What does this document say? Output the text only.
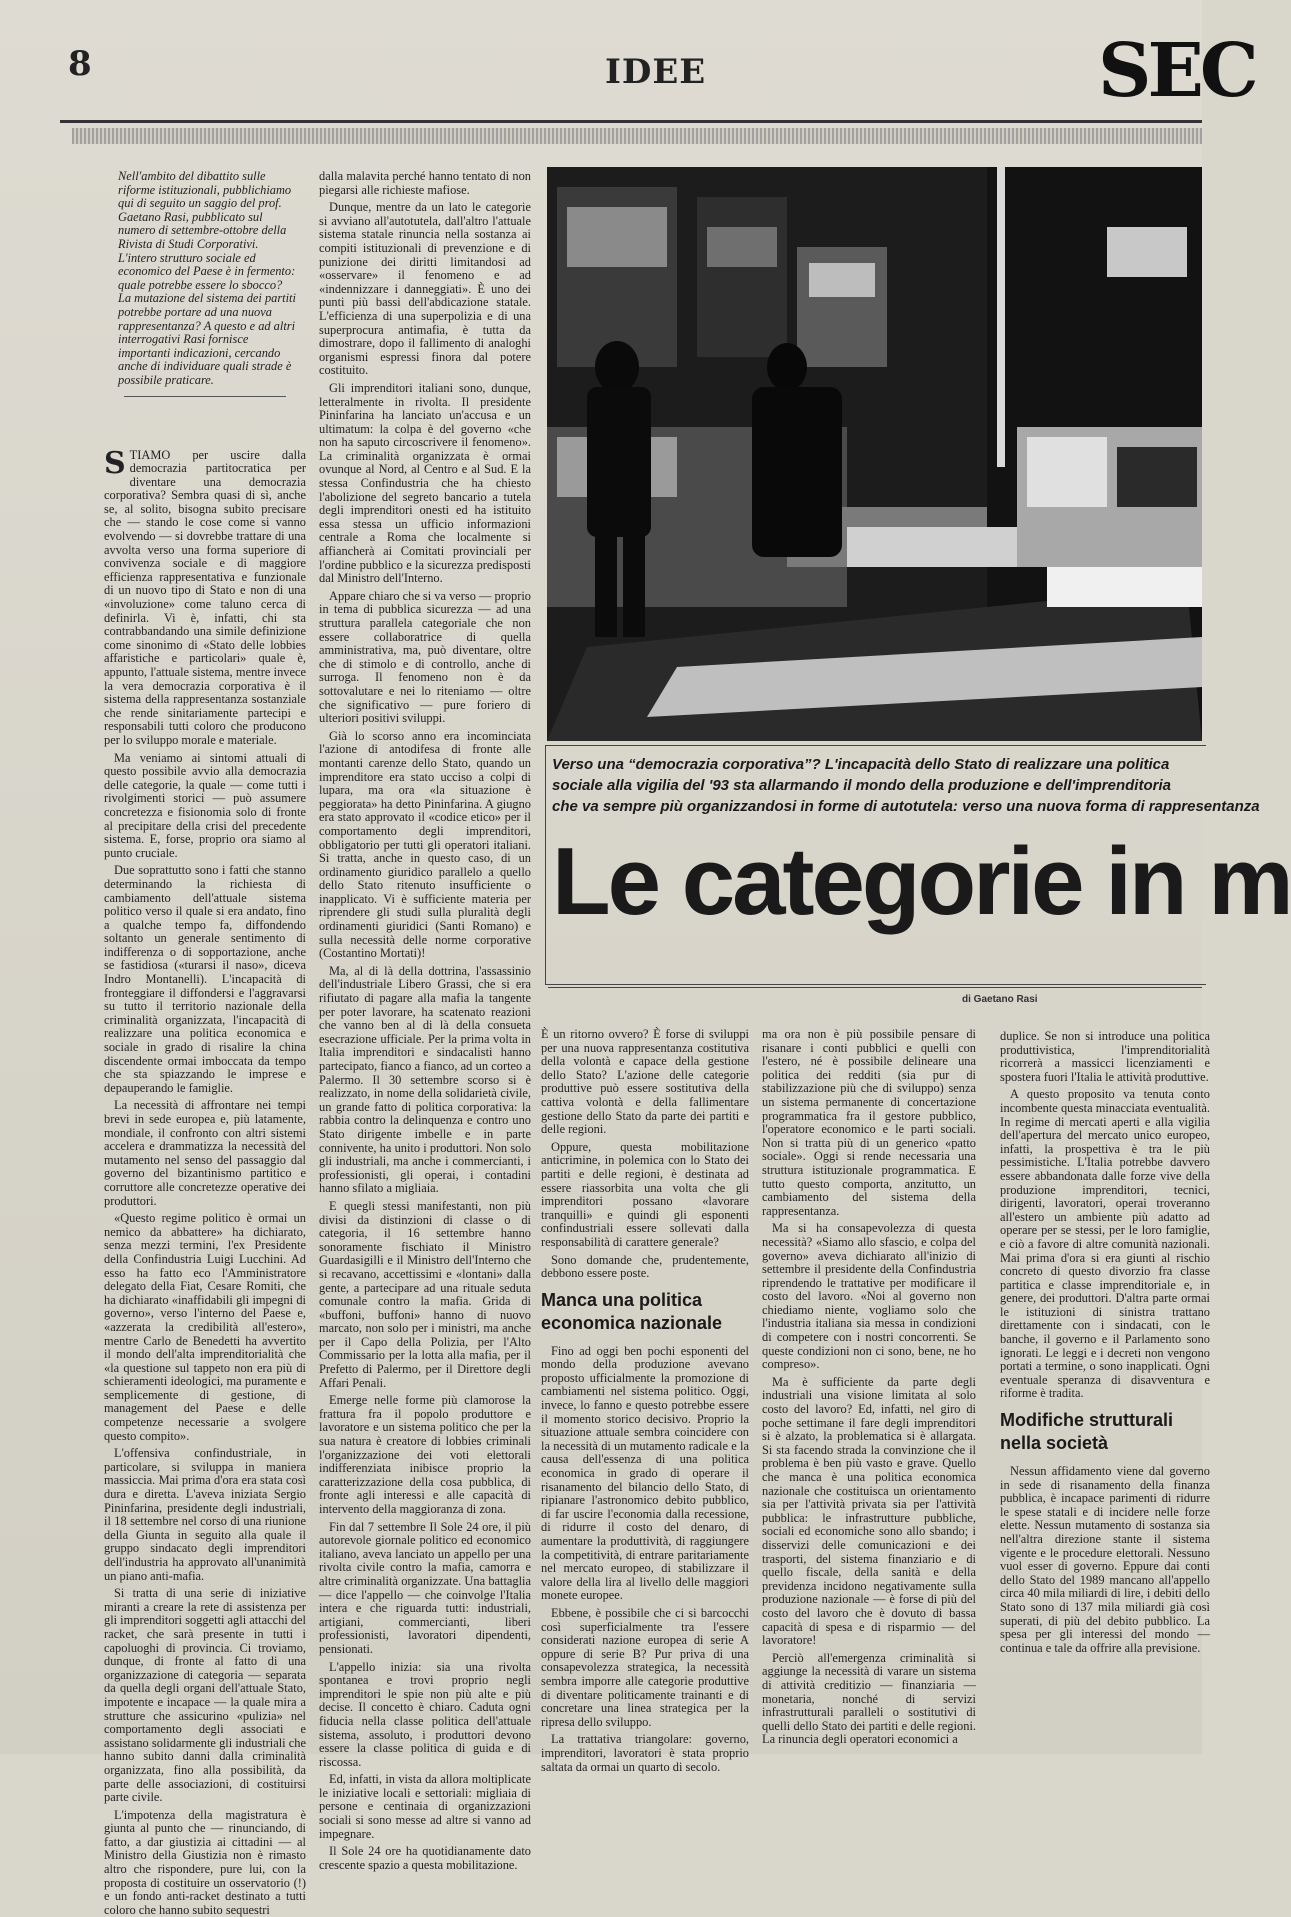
8	IDEE	SEC

Nell'ambito del dibattito sulle riforme istituzionali, pubblichiamo qui di seguito un saggio del prof. Gaetano Rasi, pubblicato sul numero di settembre-ottobre della Rivista di Studi Corporativi. L'intero strutturo sociale ed economico del Paese è in fermento: quale potrebbe essere lo sbocco? La mutazione del sistema dei partiti potrebbe portare ad una nuova rappresentanza? A questo e ad altri interrogativi Rasi fornisce importanti indicazioni, cercando anche di individuare quali strade è possibile praticare.

STIAMO per uscire dalla democrazia partitocratica per diventare una democrazia corporativa? Sembra quasi di sì, anche se, al solito, bisogna subito precisare che — stando le cose come si vanno evolvendo — si dovrebbe trattare di una avvolta verso una forma superiore di convivenza sociale e di maggiore efficienza rappresentativa e funzionale di un nuovo tipo di Stato e non di una «involuzione» come taluno cerca di definirla. Vi è, infatti, chi sta contrabbandando una simile definizione come sinonimo di «Stato delle lobbies affaristiche e particolari» quale è, appunto, l'attuale sistema, mentre invece la vera democrazia corporativa è il sistema della rappresentanza sostanziale che rende sinitariamente partecipi e responsabili tutti coloro che producono per lo sviluppo morale e materiale.

Ma veniamo ai sintomi attuali di questo possibile avvio alla democrazia delle categorie, la quale — come tutti i rivolgimenti storici — può assumere concretezza e fisionomia solo di fronte al precipitare della crisi del precedente sistema. E, forse, proprio ora siamo al punto cruciale.

Due soprattutto sono i fatti che stanno determinando la richiesta di cambiamento dell'attuale sistema politico verso il quale si era andato, fino a qualche tempo fa, diffondendo soltanto un generale sentimento di indifferenza o di sopportazione, anche se fastidiosa («turarsi il naso», diceva Indro Montanelli). L'incapacità di fronteggiare il diffondersi e l'aggravarsi su tutto il territorio nazionale della criminalità organizzata, l'incapacità di realizzare una politica economica e sociale in grado di risalire la china discendente ormai imboccata da tempo che sta spiazzando le imprese e depauperando le famiglie.

La necessità di affrontare nei tempi brevi in sede europea e, più latamente, mondiale, il confronto con altri sistemi accelera e drammatizza la necessità del mutamento nel senso del passaggio dal governo del bizantinismo partitico e corruttore alle concretezze operative dei produttori.

«Questo regime politico è ormai un nemico da abbattere» ha dichiarato, senza mezzi termini, l'ex Presidente della Confindustria Luigi Lucchini. Ad esso ha fatto eco l'Amministratore delegato della Fiat, Cesare Romiti, che ha dichiarato «inaffidabili gli impegni di governo», verso l'interno del Paese e, «azzerata la credibilità all'estero», mentre Carlo de Benedetti ha avvertito il mondo dell'alta imprenditorialità che «la questione sul tappeto non era più di schieramenti ideologici, ma puramente e semplicemente di gestione, di management del Paese e delle competenze necessarie a svolgere questo compito».

L'offensiva confindustriale, in particolare, si sviluppa in maniera massiccia. Mai prima d'ora era stata così dura e diretta. L'aveva iniziata Sergio Pininfarina, presidente degli industriali, il 18 settembre nel corso di una riunione della Giunta in seguito alla quale il gruppo sindacato degli imprenditori dell'industria ha approvato all'unanimità un piano anti-mafia.

Si tratta di una serie di iniziative miranti a creare la rete di assistenza per gli imprenditori soggetti agli attacchi del racket, che sarà presente in tutti i capoluoghi di provincia. Ci troviamo, dunque, di fronte al fatto di una organizzazione di categoria — separata da quella degli organi dell'attuale Stato, impotente e incapace — la quale mira a strutture che assicurino «pulizia» nel comportamento degli associati e assistano solidarmente gli industriali che hanno subito danni dalla criminalità organizzata, fino alla possibilità, da parte delle associazioni, di costituirsi parte civile.

L'impotenza della magistratura è giunta al punto che — rinunciando, di fatto, a dar giustizia ai cittadini — al Ministro della Giustizia non è rimasto altro che rispondere, pure lui, con la proposta di costituire un osservatorio (!) e un fondo anti-racket destinato a tutti coloro che hanno subito sequestri

dalla malavita perché hanno tentato di non piegarsi alle richieste mafiose.

Dunque, mentre da un lato le categorie si avviano all'autotutela, dall'altro l'attuale sistema statale rinuncia nella sostanza ai compiti istituzionali di prevenzione e di punizione dei diritti limitandosi ad «osservare» il fenomeno e ad «indennizzare i danneggiati». È uno dei punti più bassi dell'abdicazione statale. L'efficienza di una superpolizia e di una superprocura antimafia, è tutta da dimostrare, dopo il fallimento di analoghi organismi espressi finora dal potere costituito.

Gli imprenditori italiani sono, dunque, letteralmente in rivolta. Il presidente Pininfarina ha lanciato un'accusa e un ultimatum: la colpa è del governo «che non ha saputo circoscrivere il fenomeno». La criminalità organizzata è ormai ovunque al Nord, al Centro e al Sud. E la stessa Confindustria che ha chiesto l'abolizione del segreto bancario a tutela degli imprenditori onesti ed ha istituito essa stessa un ufficio informazioni centrale a Roma che localmente si affiancherà ai Comitati provinciali per l'ordine pubblico e la sicurezza predisposti dal Ministro dell'Interno.

Appare chiaro che si va verso — proprio in tema di pubblica sicurezza — ad una struttura parallela categoriale che non essere collaboratrice di quella amministrativa, ma, può diventare, oltre che di stimolo e di controllo, anche di surroga. Il fenomeno non è da sottovalutare e nei lo riteniamo — oltre che significativo — pure foriero di ulteriori positivi sviluppi.

Già lo scorso anno era incominciata l'azione di antodifesa di fronte alle montanti carenze dello Stato, quando un imprenditore era stato ucciso a colpi di lupara, ma ora «la situazione è peggiorata» ha detto Pininfarina. A giugno era stato approvato il «codice etico» per il comportamento degli imprenditori, obbligatorio per tutti gli operatori italiani. Si tratta, anche in questo caso, di un ordinamento giuridico parallelo a quello dello Stato ritenuto insufficiente o inapplicato. Vi è sufficiente materia per riprendere gli studi sulla pluralità degli ordinamenti giuridici (Santi Romano) e sulla necessità delle norme corporative (Costantino Mortati)!

Ma, al di là della dottrina, l'assassinio dell'industriale Libero Grassi, che si era rifiutato di pagare alla mafia la tangente per poter lavorare, ha scatenato reazioni che vanno ben al di là della consueta esecrazione ufficiale. Per la prima volta in Italia imprenditori e sindacalisti hanno partecipato, fianco a fianco, ad un corteo a Palermo. Il 30 settembre scorso si è realizzato, in nome della solidarietà civile, un grande fatto di politica corporativa: la rabbia contro la delinquenza e contro uno Stato dirigente imbelle e in parte connivente, ha unito i produttori. Non solo gli industriali, ma anche i commercianti, i professionisti, gli operai, i contadini hanno sfilato a migliaia.

E quegli stessi manifestanti, non più divisi da distinzioni di classe o di categoria, il 16 settembre hanno sonoramente fischiato il Ministro Guardasigilli e il Ministro dell'Interno che si recavano, accettissimi e «lontani» dalla gente, a partecipare ad una rituale seduta comunale contro la mafia. Grida di «buffoni, buffoni» hanno di nuovo marcato, non solo per i ministri, ma anche per il Capo della Polizia, per l'Alto Commissario per la lotta alla mafia, per il Prefetto di Palermo, per il Direttore degli Affari Penali.

Emerge nelle forme più clamorose la frattura fra il popolo produttore e lavoratore e un sistema politico che per la sua natura è creatore di lobbies criminali l'organizzazione dei voti elettorali indifferenziata inibisce proprio la caratterizzazione della cosa pubblica, di fronte agli interessi e alle capacità di intervento della maggioranza di zona.

Fin dal 7 settembre Il Sole 24 ore, il più autorevole giornale politico ed economico italiano, aveva lanciato un appello per una rivolta civile contro la mafia, camorra e altre criminalità organizzate. Una battaglia — dice l'appello — che coinvolge l'Italia intera e che riguarda tutti: industriali, artigiani, commercianti, liberi professionisti, lavoratori dipendenti, pensionati.

L'appello inizia: sia una rivolta spontanea e trovi proprio negli imprenditori le spie non più alte e più decise. Il concetto è chiaro. Caduta ogni fiducia nella classe politica dell'attuale sistema, assoluto, i produttori devono essere la classe politica di guida e di riscossa.

Ed, infatti, in vista da allora moltiplicate le iniziative locali e settoriali: migliaia di persone e centinaia di organizzazioni sociali si sono messe ad altre si vanno ad impegnare.

Il Sole 24 ore ha quotidianamente dato crescente spazio a questa mobilitazione.

Verso una “democrazia corporativa”? L'incapacità dello Stato di realizzare una politica
sociale alla vigilia del '93 sta allarmando il mondo della produzione e dell'imprenditoria
che va sempre più organizzandosi in forme di autotutela: verso una nuova forma di rappresentanza
Le categorie in m
di Gaetano Rasi

È un ritorno ovvero? È forse di sviluppi per una nuova rappresentanza costitutiva della volontà e capace della gestione dello Stato? L'azione delle categorie produttive può essere sostitutiva della cattiva volontà e della fallimentare gestione dello Stato da parte dei partiti e delle regioni.

Oppure, questa mobilitazione anticrimine, in polemica con lo Stato dei partiti e delle regioni, è destinata ad essere riassorbita una volta che gli imprenditori possano «lavorare tranquilli» e quindi gli esponenti confindustriali essere sollevati dalla responsabilità di carattere generale?

Sono domande che, prudentemente, debbono essere poste.

Manca una politica economica nazionale

Fino ad oggi ben pochi esponenti del mondo della produzione avevano proposto ufficialmente la promozione di cambiamenti nel sistema politico. Oggi, invece, lo fanno e questo potrebbe essere il momento storico decisivo. Proprio la situazione attuale sembra coincidere con la necessità di un mutamento radicale e la causa dell'essenza di una politica economica in grado di operare il risanamento del bilancio dello Stato, di ripianare l'astronomico debito pubblico, di far uscire l'economia dalla recessione, di ridurre il costo del denaro, di aumentare la produttività, di raggiungere la competitività, di entrare paritariamente nel mercato europeo, di stabilizzare il valore della lira al livello delle maggiori monete europee.

Ebbene, è possibile che ci si barcocchi così superficialmente tra l'essere considerati nazione europea di serie A oppure di serie B? Pur priva di una consapevolezza strategica, la necessità sembra imporre alle categorie produttive di diventare politicamente trainanti e di concretare una linea strategica per la ripresa dello sviluppo.

La trattativa triangolare: governo, imprenditori, lavoratori è stata proprio saltata da ormai un quarto di secolo.

ma ora non è più possibile pensare di risanare i conti pubblici e quelli con l'estero, né è possibile delineare una politica dei redditi (sia pur di stabilizzazione più che di sviluppo) senza un sistema permanente di concertazione programmatica fra il gestore pubblico, l'operatore economico e le parti sociali. Non si tratta più di un generico «patto sociale». Oggi si rende necessaria una struttura istituzionale programmatica. E tutto questo comporta, anzitutto, un cambiamento del sistema della rappresentanza.

Ma si ha consapevolezza di questa necessità? «Siamo allo sfascio, e colpa del governo» aveva dichiarato all'inizio di settembre il presidente della Confindustria riprendendo le trattative per modificare il costo del lavoro. «Noi al governo non chiediamo niente, vogliamo solo che l'industria italiana sia messa in condizioni di competere con i nostri concorrenti. Se queste condizioni non ci sono, bene, ne ho compreso».

Ma è sufficiente da parte degli industriali una visione limitata al solo costo del lavoro? Ed, infatti, nel giro di poche settimane il fare degli imprenditori si è alzato, la problematica si è allargata. Si sta facendo strada la convinzione che il problema è ben più vasto e grave. Quello che manca è una politica economica nazionale che costituisca un orientamento sia per l'attività privata sia per l'attività pubblica: le infrastrutture pubbliche, sociali ed economiche sono allo sbando; i disservizi delle comunicazioni e dei trasporti, del sistema finanziario e di quello fiscale, della sanità e della previdenza incidono negativamente sulla produzione nazionale — è forse di più del costo del lavoro che è dovuto di bassa capacità di spesa e di risparmio — del lavoratore!

Perciò all'emergenza criminalità si aggiunge la necessità di varare un sistema di attività creditizio — finanziaria — monetaria, nonché di servizi infrastrutturali paralleli o sostitutivi di quelli dello Stato dei partiti e delle regioni. La rinuncia degli operatori economici a

duplice. Se non si introduce una politica produttivistica, l'imprenditorialità ricorrerà a massicci licenziamenti e spostera fuori l'Italia le attività produttive.

A questo proposito va tenuta conto incombente questa minacciata eventualità. In regime di mercati aperti e alla vigilia dell'apertura del mercato unico europeo, infatti, la prospettiva è tra le più pessimistiche. L'Italia potrebbe davvero essere abbandonata dalle forze vive della produzione imprenditori, tecnici, dirigenti, lavoratori, operai troveranno all'estero un ambiente più adatto ad operare per se stessi, per le loro famiglie, e ciò a favore di altre comunità nazionali. Mai prima d'ora si era giunti al rischio concreto di questo divorzio fra classe partitica e classe imprenditoriale e, in genere, dei produttori. D'altra parte ormai le istituzioni di sinistra trattano direttamente con i sindacati, con le banche, il governo e il Parlamento sono ignorati. Le leggi e i decreti non vengono portati a termine, o sono inapplicati. Ogni eventuale speranza di disavventura e riforme è tradita.

Modifiche strutturali nella società

Nessun affidamento viene dal governo in sede di risanamento della finanza pubblica, è incapace parimenti di ridurre le spese statali e di incidere nelle forze elette. Nessun mutamento di sostanza sia nell'altra direzione stante il sistema vigente e le procedure elettorali. Nessuno vuol esser di governo. Eppure dai conti dello Stato del 1989 mancano all'appello circa 40 mila miliardi di lire, i debiti dello Stato sono di 137 mila miliardi già così superati, di più del debito pubblico. La spesa per gli interessi del mondo — continua e tale da offrire alla previsione.
